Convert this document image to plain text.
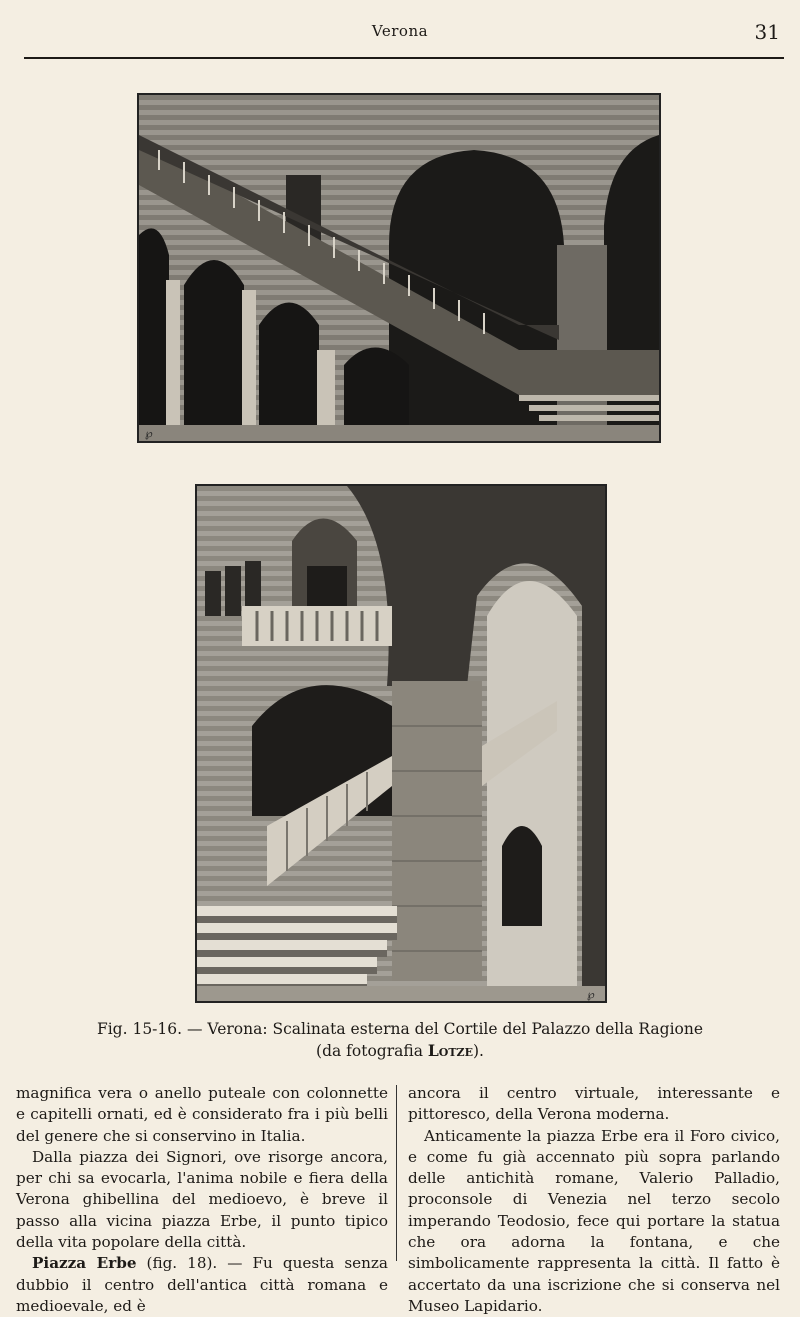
Verona	31
℘
℘
Fig. 15-16. — Verona: Scalinata esterna del Cortile del Palazzo della Ragione
(da fotografia Lotze).

magnifica vera o anello puteale con colonnette e capitelli ornati, ed è considerato fra i più belli del genere che si conservino in Italia.

Dalla piazza dei Signori, ove risorge ancora, per chi sa evocarla, l'anima nobile e fiera della Verona ghibellina del medioevo, è breve il passo alla vicina piazza Erbe, il punto tipico della vita popolare della città.

Piazza Erbe (fig. 18). — Fu questa senza dubbio il centro dell'antica città romana e medioevale, ed è

ancora il centro virtuale, interessante e pittoresco, della Verona moderna.

Anticamente la piazza Erbe era il Foro civico, e come fu già accennato più sopra parlando delle antichità romane, Valerio Palladio, proconsole di Venezia nel terzo secolo imperando Teodosio, fece qui portare la statua che ora adorna la fontana, e che simbolicamente rappresenta la città. Il fatto è accertato da una iscrizione che si conserva nel Museo Lapidario.
